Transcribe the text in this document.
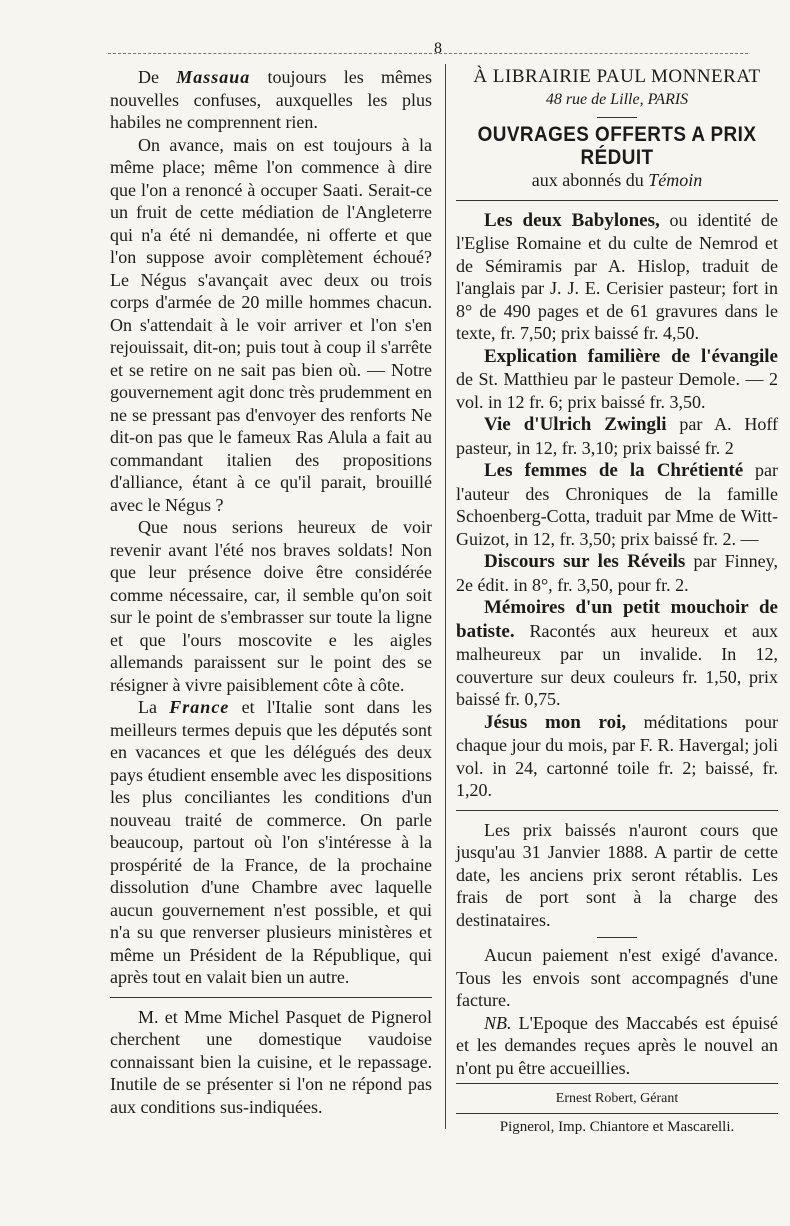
8

De Massaua toujours les mêmes nouvelles confuses, auxquelles les plus habiles ne comprennent rien.

On avance, mais on est toujours à la même place; même l'on commence à dire que l'on a renoncé à occuper Saati. Serait-ce un fruit de cette médiation de l'Angleterre qui n'a été ni demandée, ni offerte et que l'on suppose avoir complètement échoué? Le Négus s'avançait avec deux ou trois corps d'armée de 20 mille hommes chacun. On s'attendait à le voir arriver et l'on s'en rejouissait, dit-on; puis tout à coup il s'arrête et se retire on ne sait pas bien où. — Notre gouvernement agit donc très prudemment en ne se pressant pas d'envoyer des renforts Ne dit-on pas que le fameux Ras Alula a fait au commandant italien des propositions d'alliance, étant à ce qu'il parait, brouillé avec le Négus ?

Que nous serions heureux de voir revenir avant l'été nos braves soldats! Non que leur présence doive être considérée comme nécessaire, car, il semble qu'on soit sur le point de s'embrasser sur toute la ligne et que l'ours moscovite e les aigles allemands paraissent sur le point des se résigner à vivre paisiblement côte à côte.

La France et l'Italie sont dans les meilleurs termes depuis que les députés sont en vacances et que les délégués des deux pays étudient ensemble avec les dispositions les plus conciliantes les conditions d'un nouveau traité de commerce. On parle beaucoup, partout où l'on s'intéresse à la prospérité de la France, de la prochaine dissolution d'une Chambre avec laquelle aucun gouvernement n'est possible, et qui n'a su que renverser plusieurs ministères et même un Président de la République, qui après tout en valait bien un autre.

M. et Mme Michel Pasquet de Pignerol cherchent une domestique vaudoise connaissant bien la cuisine, et le repassage. Inutile de se présenter si l'on ne répond pas aux conditions sus-indiquées.

À LIBRAIRIE PAUL MONNERAT
48 rue de Lille, PARIS
OUVRAGES OFFERTS A PRIX RÉDUIT
aux abonnés du Témoin

Les deux Babylones, ou identité de l'Eglise Romaine et du culte de Nemrod et de Sémiramis par A. Hislop, traduit de l'anglais par J. J. E. Cerisier pasteur; fort in 8° de 490 pages et de 61 gravures dans le texte, fr. 7,50; prix baissé fr. 4,50.

Explication familière de l'évangile de St. Matthieu par le pasteur Demole. — 2 vol. in 12 fr. 6; prix baissé fr. 3,50.

Vie d'Ulrich Zwingli par A. Hoff pasteur, in 12, fr. 3,10; prix baissé fr. 2

Les femmes de la Chrétienté par l'auteur des Chroniques de la famille Schoenberg-Cotta, traduit par Mme de Witt-Guizot, in 12, fr. 3,50; prix baissé fr. 2. —

Discours sur les Réveils par Finney, 2e édit. in 8°, fr. 3,50, pour fr. 2.

Mémoires d'un petit mouchoir de batiste. Racontés aux heureux et aux malheureux par un invalide. In 12, couverture sur deux couleurs fr. 1,50, prix baissé fr. 0,75.

Jésus mon roi, méditations pour chaque jour du mois, par F. R. Havergal; joli vol. in 24, cartonné toile fr. 2; baissé, fr. 1,20.

Les prix baissés n'auront cours que jusqu'au 31 Janvier 1888. A partir de cette date, les anciens prix seront rétablis. Les frais de port sont à la charge des destinataires.

Aucun paiement n'est exigé d'avance. Tous les envois sont accompagnés d'une facture.

NB. L'Epoque des Maccabés est épuisé et les demandes reçues après le nouvel an n'ont pu être accueillies.

Ernest Robert, Gérant
Pignerol, Imp. Chiantore et Mascarelli.
